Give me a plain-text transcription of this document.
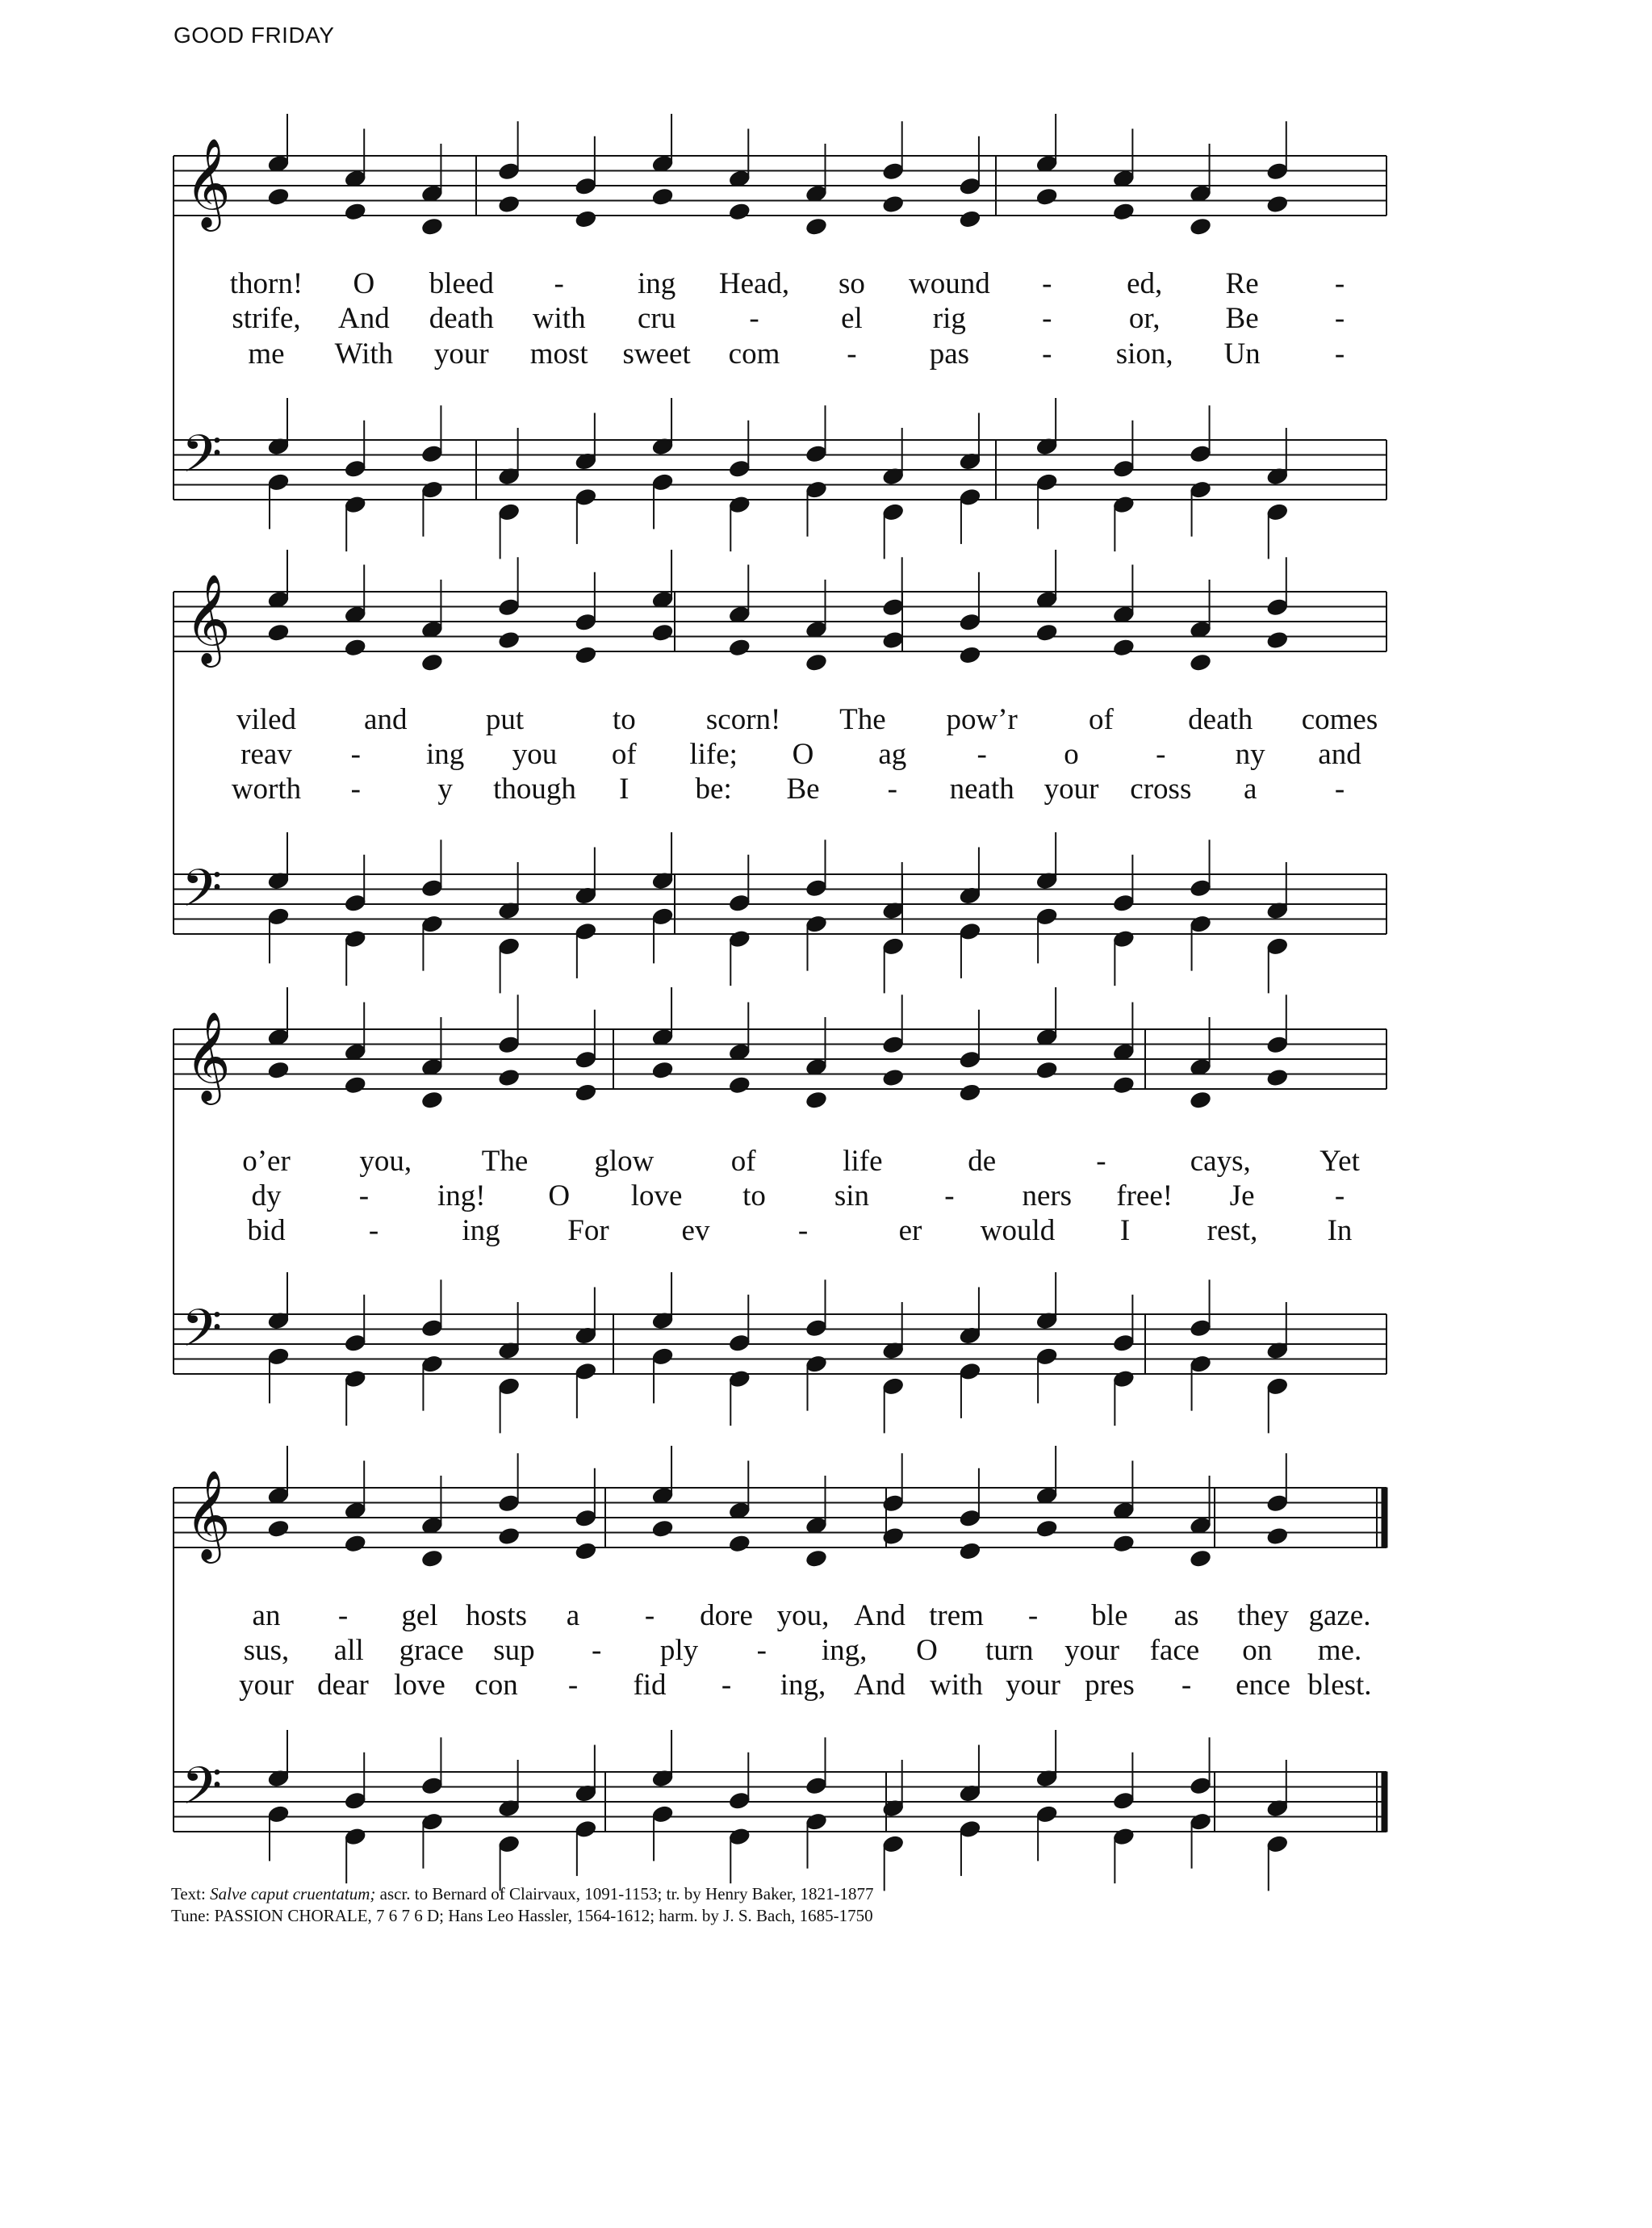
GOOD FRIDAY
𝄞
𝄢
𝄞
𝄢
𝄞
𝄢
𝄞
𝄢
thorn! O bleed - ing Head, so wound -	ed, Re	-
strife, And death with cru -	el rig	-	or, Be	-
me With your most sweet com - pas - sion, Un -
viled and	put	to scorn! The pow’r of death comes
reav - ing you of life; O ag -	o	- ny and
worth -	y though I be: Be - neath your cross a	-
o’er you, The glow	of	life	de	-	cays, Yet
dy	- ing! O love to sin	- ners free! Je	-
bid	-	ing For ev	-	er would I	rest, In
an - gel hosts a - dore you, And trem - ble as they gaze.
sus, all grace sup - ply - ing, O turn your face on me.
your dear love con - fid - ing, And with your pres - ence blest.
Text: Salve caput cruentatum; ascr. to Bernard of Clairvaux, 1091-1153; tr. by Henry Baker, 1821-1877
Tune: PASSION CHORALE, 7 6 7 6 D; Hans Leo Hassler, 1564-1612; harm. by J. S. Bach, 1685-1750
